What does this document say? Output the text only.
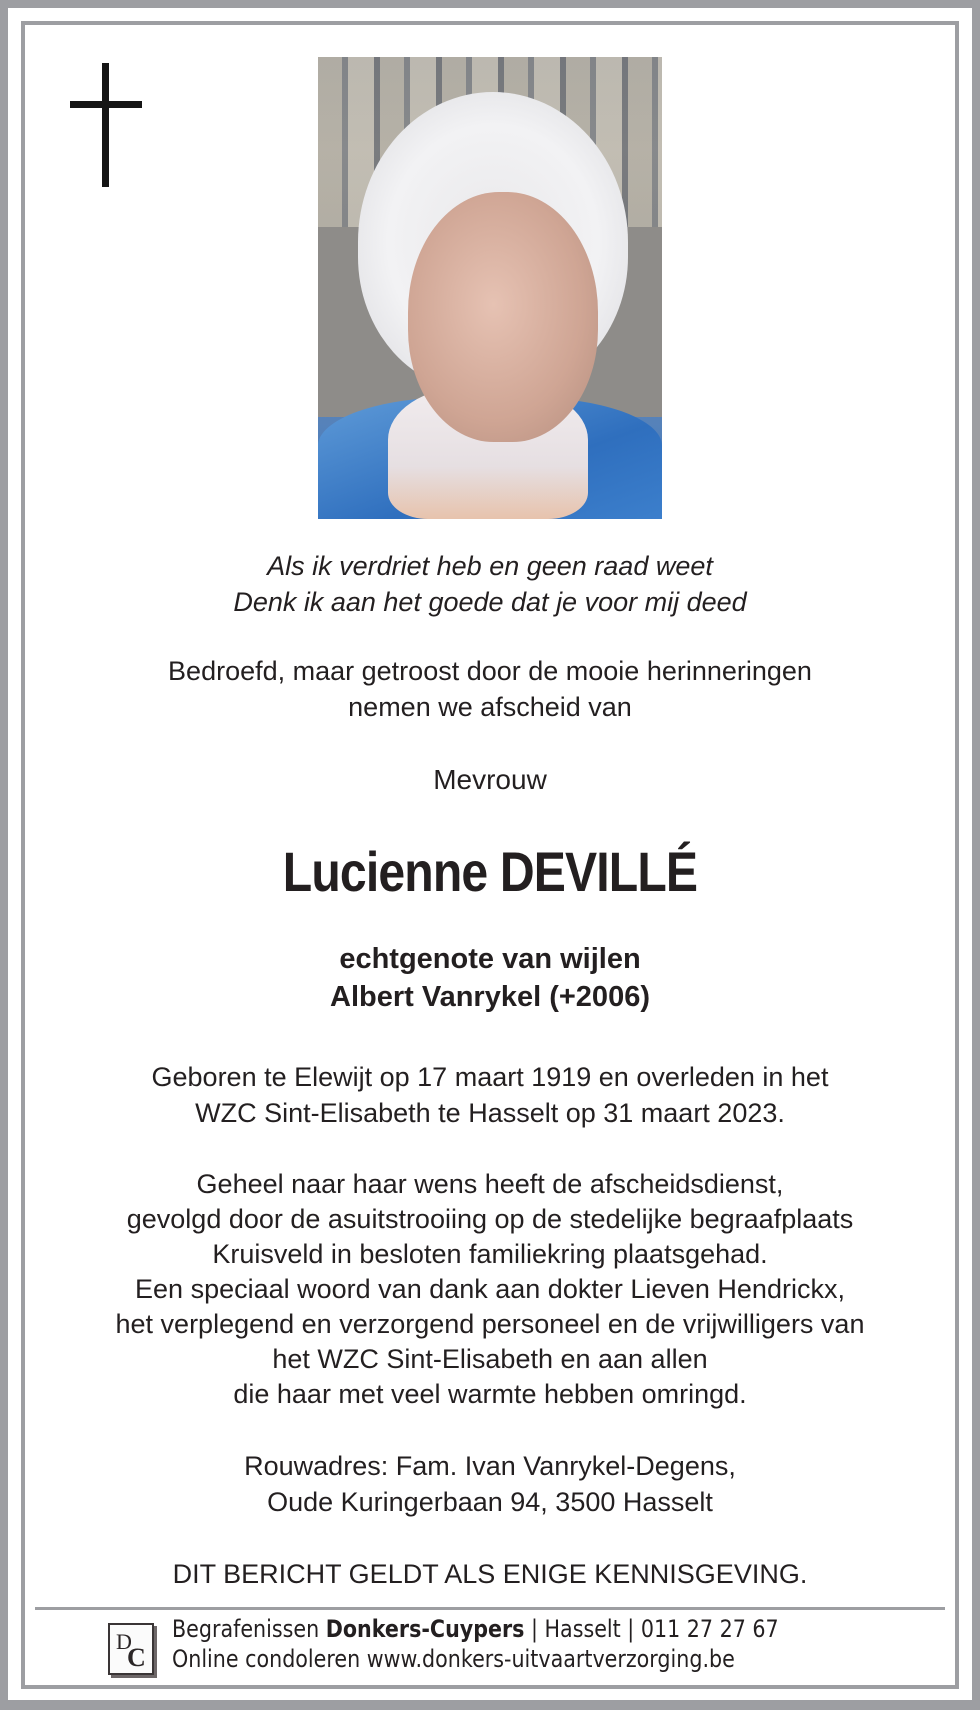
Als ik verdriet heb en geen raad weet
Denk ik aan het goede dat je voor mij deed
Bedroefd, maar getroost door de mooie herinneringen
nemen we afscheid van
Mevrouw
Lucienne DEVILLÉ
echtgenote van wijlen
Albert Vanrykel (+2006)
Geboren te Elewijt op 17 maart 1919 en overleden in het
WZC Sint-Elisabeth te Hasselt op 31 maart 2023.
Geheel naar haar wens heeft de afscheidsdienst,
gevolgd door de asuitstrooiing op de stedelijke begraafplaats
Kruisveld in besloten familiekring plaatsgehad.
Een speciaal woord van dank aan dokter Lieven Hendrickx,
het verplegend en verzorgend personeel en de vrijwilligers van
het WZC Sint-Elisabeth en aan allen
die haar met veel warmte hebben omringd.
Rouwadres: Fam. Ivan Vanrykel-Degens,
Oude Kuringerbaan 94, 3500 Hasselt
DIT BERICHT GELDT ALS ENIGE KENNISGEVING.
D
C
Begrafenissen Donkers-Cuypers | Hasselt | 011 27 27 67
Online condoleren www.donkers-uitvaartverzorging.be
